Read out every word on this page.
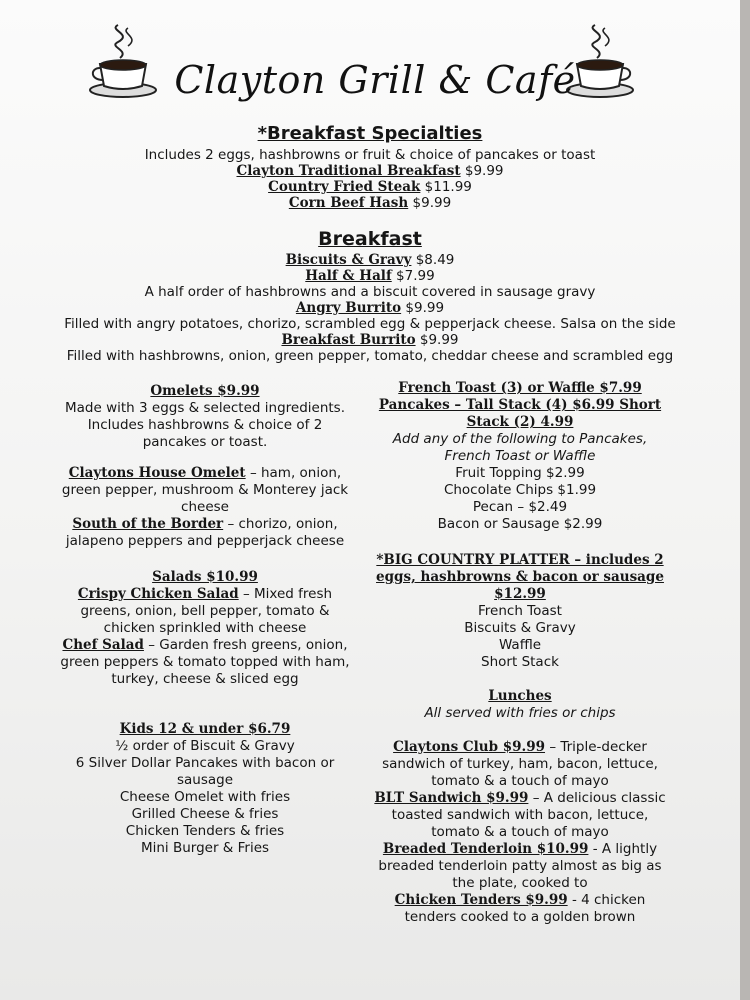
Clayton Grill & Café
*Breakfast Specialties
Includes 2 eggs, hashbrowns or fruit & choice of pancakes or toast
Clayton Traditional Breakfast $9.99
Country Fried Steak $11.99
Corn Beef Hash $9.99
Breakfast
Biscuits & Gravy $8.49
Half & Half $7.99
A half order of hashbrowns and a biscuit covered in sausage gravy
Angry Burrito $9.99
Filled with angry potatoes, chorizo, scrambled egg & pepperjack cheese. Salsa on the side
Breakfast Burrito $9.99
Filled with hashbrowns, onion, green pepper, tomato, cheddar cheese and scrambled egg
Omelets $9.99
Made with 3 eggs & selected ingredients.
Includes hashbrowns & choice of 2
pancakes or toast.
Claytons House Omelet – ham, onion,
green pepper, mushroom & Monterey jack
cheese
South of the Border – chorizo, onion,
jalapeno peppers and pepperjack cheese
Salads $10.99
Crispy Chicken Salad – Mixed fresh
greens, onion, bell pepper, tomato &
chicken sprinkled with cheese
Chef Salad – Garden fresh greens, onion,
green peppers & tomato topped with ham,
turkey, cheese & sliced egg
Kids 12 & under $6.79
½ order of Biscuit & Gravy
6 Silver Dollar Pancakes with bacon or
sausage
Cheese Omelet with fries
Grilled Cheese & fries
Chicken Tenders & fries
Mini Burger & Fries
French Toast (3) or Waffle $7.99
Pancakes – Tall Stack (4) $6.99 Short
Stack (2) 4.99
Add any of the following to Pancakes,
French Toast or Waffle
Fruit Topping $2.99
Chocolate Chips $1.99
Pecan – $2.49
Bacon or Sausage $2.99
*BIG COUNTRY PLATTER – includes 2
eggs, hashbrowns & bacon or sausage
$12.99
French Toast
Biscuits & Gravy
Waffle
Short Stack
Lunches
All served with fries or chips
Claytons Club $9.99 – Triple-decker
sandwich of turkey, ham, bacon, lettuce,
tomato & a touch of mayo
BLT Sandwich $9.99 – A delicious classic
toasted sandwich with bacon, lettuce,
tomato & a touch of mayo
Breaded Tenderloin $10.99 - A lightly
breaded tenderloin patty almost as big as
the plate, cooked to
Chicken Tenders $9.99 - 4 chicken
tenders cooked to a golden brown
